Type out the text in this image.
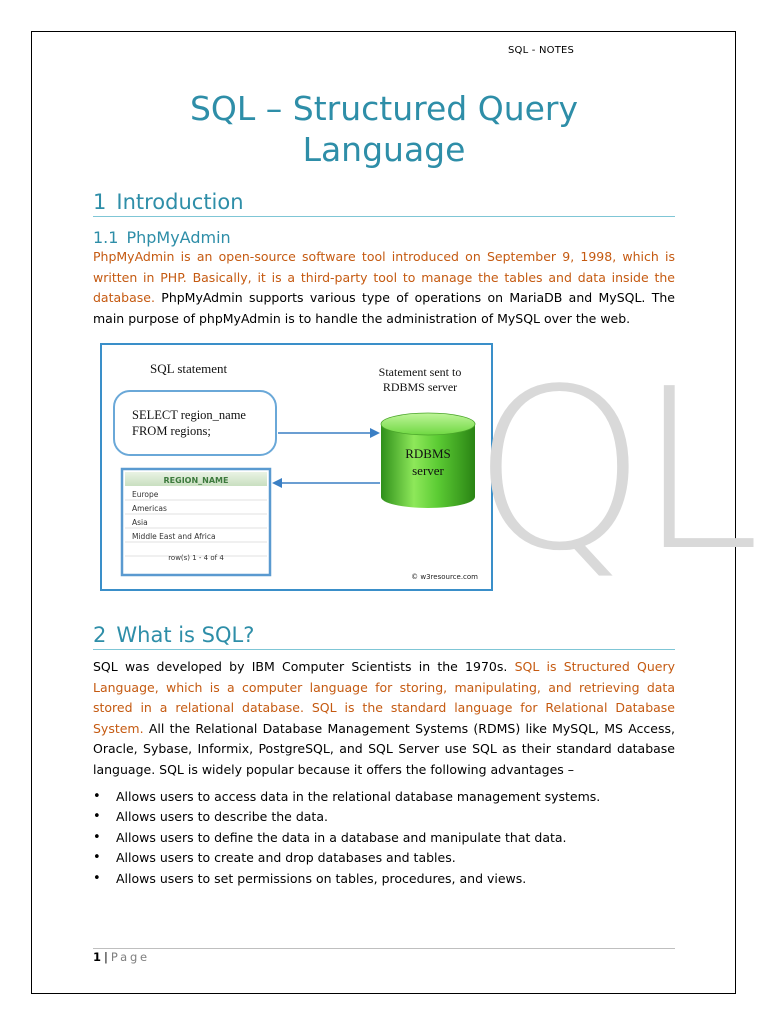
SQL - NOTES
SQL – Structured Query
Language
1 Introduction
1.1 PhpMyAdmin
PhpMyAdmin is an open-source software tool introduced on September 9, 1998, which is written in PHP. Basically, it is a third-party tool to manage the tables and data inside the database. PhpMyAdmin supports various type of operations on MariaDB and MySQL. The main purpose of phpMyAdmin is to handle the administration of MySQL over the web.
SQL statement	Statement sent to
RDBMS server
SELECT region_name
FROM regions;
RDBMS
server
REGION_NAME
Europe
Americas
Asia
Middle East and Africa
row(s) 1 - 4 of 4
© w3resource.com
QL
2 What is SQL?
SQL was developed by IBM Computer Scientists in the 1970s. SQL is Structured Query Language, which is a computer language for storing, manipulating, and retrieving data stored in a relational database. SQL is the standard language for Relational Database System. All the Relational Database Management Systems (RDMS) like MySQL, MS Access, Oracle, Sybase, Informix, PostgreSQL, and SQL Server use SQL as their standard database language. SQL is widely popular because it offers the following advantages –
• Allows users to access data in the relational database management systems.
• Allows users to describe the data.
• Allows users to define the data in a database and manipulate that data.
• Allows users to create and drop databases and tables.
• Allows users to set permissions on tables, procedures, and views.
1 | Page
